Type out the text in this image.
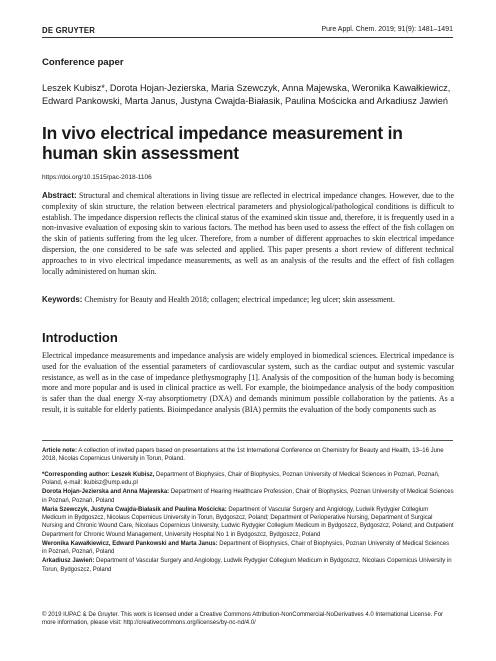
DE GRUYTER	Pure Appl. Chem. 2019; 91(9): 1481–1491
Conference paper
Leszek Kubisz*, Dorota Hojan-Jezierska, Maria Szewczyk, Anna Majewska, Weronika Kawałkiewicz, Edward Pankowski, Marta Janus, Justyna Cwajda-Białasik, Paulina Mościcka and Arkadiusz Jawień
In vivo electrical impedance measurement in human skin assessment
https://doi.org/10.1515/pac-2018-1106
Abstract: Structural and chemical alterations in living tissue are reflected in electrical impedance changes. However, due to the complexity of skin structure, the relation between electrical parameters and physiological/pathological conditions is difficult to establish. The impedance dispersion reflects the clinical status of the examined skin tissue and, therefore, it is frequently used in a non-invasive evaluation of exposing skin to various factors. The method has been used to assess the effect of the fish collagen on the skin of patients suffering from the leg ulcer. Therefore, from a number of different approaches to skin electrical impedance dispersion, the one considered to be safe was selected and applied. This paper presents a short review of different technical approaches to in vivo electrical impedance measurements, as well as an analysis of the results and the effect of fish collagen locally administered on human skin.
Keywords: Chemistry for Beauty and Health 2018; collagen; electrical impedance; leg ulcer; skin assessment.
Introduction
Electrical impedance measurements and impedance analysis are widely employed in biomedical sciences. Electrical impedance is used for the evaluation of the essential parameters of cardiovascular system, such as the cardiac output and systemic vascular resistance, as well as in the case of impedance plethysmography [1]. Analysis of the composition of the human body is becoming more and more popular and is used in clinical practice as well. For example, the bioimpedance analysis of the body composition is safer than the dual energy X-ray absorptiometry (DXA) and demands minimum possible collaboration by the patients. As a result, it is suitable for elderly patients. Bioimpedance analysis (BIA) permits the evaluation of the body components such as
Article note: A collection of invited papers based on presentations at the 1st International Conference on Chemistry for Beauty and Health, 13–16 June 2018, Nicolas Copernicus University in Torun, Poland.
*Corresponding author: Leszek Kubisz, Department of Biophysics, Chair of Biophysics, Poznan University of Medical Sciences in Poznań, Poznań, Poland, e-mail: lkubisz@ump.edu.pl
Dorota Hojan-Jezierska and Anna Majewska: Department of Hearing Healthcare Profession, Chair of Biophysics, Poznan University of Medical Sciences in Poznań, Poznań, Poland
Maria Szewczyk, Justyna Cwajda-Białasik and Paulina Mościcka: Department of Vascular Surgery and Angiology, Ludwik Rydygier Collegium Medicum in Bydgoszcz, Nicolaus Copernicus University in Torun, Bydgoszcz, Poland; Department of Perioperative Nursing, Department of Surgical Nursing and Chronic Wound Care, Nicolaus Copernicus University, Ludwic Rydygier Collegium Medicum in Bydgoszcz, Bydgoszcz, Poland; and Outpatient Department for Chronic Wound Management, University Hospital No 1 in Bydgoszcz, Bydgoszcz, Poland
Weronika Kawałkiewicz, Edward Pankowski and Marta Janus: Department of Biophysics, Chair of Biophysics, Poznan University of Medical Sciences in Poznań, Poznań, Poland
Arkadiusz Jawień: Department of Vascular Surgery and Angiology, Ludwik Rydygier Collegium Medicum in Bydgoszcz, Nicolaus Copernicus University in Torun, Bydgoszcz, Poland
© 2019 IUPAC & De Gruyter. This work is licensed under a Creative Commons Attribution-NonCommercial-NoDerivatives 4.0 International License. For more information, please visit: http://creativecommons.org/licenses/by-nc-nd/4.0/
